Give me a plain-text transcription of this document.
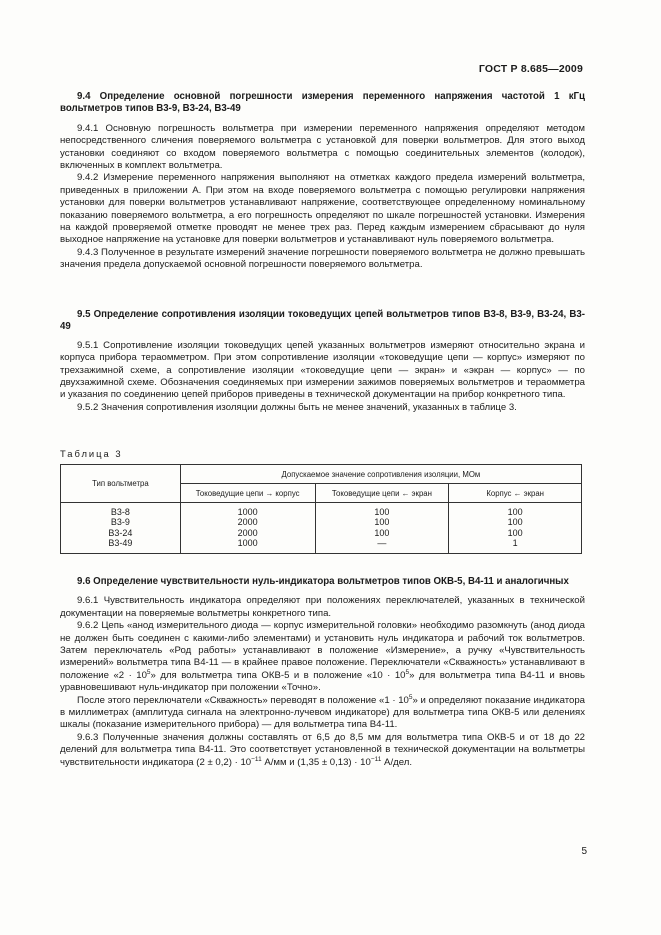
ГОСТ Р 8.685—2009
9.4 Определение основной погрешности измерения переменного напряжения частотой 1 кГц вольтметров типов В3-9, В3-24, В3-49

9.4.1 Основную погрешность вольтметра при измерении переменного напряжения определяют методом непосредственного сличения поверяемого вольтметра с установкой для поверки вольтметров. Для этого выход установки соединяют со входом поверяемого вольтметра с помощью соединительных элементов (колодок), включенных в комплект вольтметра.

9.4.2 Измерение переменного напряжения выполняют на отметках каждого предела измерений вольтметра, приведенных в приложении А. При этом на входе поверяемого вольтметра с помощью регулировки напряжения установки для поверки вольтметров устанавливают напряжение, соответствующее определенному номинальному показанию поверяемого вольтметра, а его погрешность определяют по шкале погрешностей установки. Измерения на каждой проверяемой отметке проводят не менее трех раз. Перед каждым измерением сбрасывают до нуля выходное напряжение на установке для поверки вольтметров и устанавливают нуль поверяемого вольтметра.

9.4.3 Полученное в результате измерений значение погрешности поверяемого вольтметра не должно превышать значения предела допускаемой основной погрешности поверяемого вольтметра.

9.5 Определение сопротивления изоляции токоведущих цепей вольтметров типов В3-8, В3-9, В3-24, В3-49

9.5.1 Сопротивление изоляции токоведущих цепей указанных вольтметров измеряют относительно экрана и корпуса прибора тераомметром. При этом сопротивление изоляции «токоведущие цепи — корпус» измеряют по трехзажимной схеме, а сопротивление изоляции «токоведущие цепи — экран» и «экран — корпус» — по двухзажимной схеме. Обозначения соединяемых при измерении зажимов поверяемых вольтметров и тераомметра и указания по соединению цепей приборов приведены в технической документации на прибор конкретного типа.

9.5.2 Значения сопротивления изоляции должны быть не менее значений, указанных в таблице 3.

Таблица 3
Тип вольтметра	Допускаемое значение сопротивления изоляции, МОм		
	Токоведущие цепи → корпус	Токоведущие цепи ← экран	Корпус ← экран
В3-8	1000	100	100
В3-9	2000	100	100
В3-24	2000	100	100
В3-49	1000	—	1
9.6 Определение чувствительности нуль-индикатора вольтметров типов ОКВ-5, В4-11 и аналогичных

9.6.1 Чувствительность индикатора определяют при положениях переключателей, указанных в технической документации на поверяемые вольтметры конкретного типа.

9.6.2 Цепь «анод измерительного диода — корпус измерительной головки» необходимо разомкнуть (анод диода не должен быть соединен с какими-либо элементами) и установить нуль индикатора и рабочий ток вольтметров. Затем переключатель «Род работы» устанавливают в положение «Измерение», а ручку «Чувствительность измерений» вольтметра типа В4-11 — в крайнее правое положение. Переключатели «Скважность» устанавливают в положение «$2 \cdot 10^5$» для вольтметра типа ОКВ-5 и в положение «$10 \cdot 10^5$» для вольтметра типа В4-11 и вновь уравновешивают нуль-индикатор при положении «Точно».

После этого переключатели «Скважность» переводят в положение «$1 \cdot 10^5$» и определяют показание индикатора в миллиметрах (амплитуда сигнала на электронно-лучевом индикаторе) для вольтметра типа ОКВ-5 или делениях шкалы (показание измерительного прибора) — для вольтметра типа В4-11.

9.6.3 Полученные значения должны составлять от 6,5 до 8,5 мм для вольтметра типа ОКВ-5 и от 18 до 22 делений для вольтметра типа В4-11. Это соответствует установленной в технической документации на вольтметры чувствительности индикатора $(2 \pm 0,2) \cdot 10^{-11}$ А/мм и $(1,35 \pm 0,13) \cdot 10^{-11}$ А/дел.

5
